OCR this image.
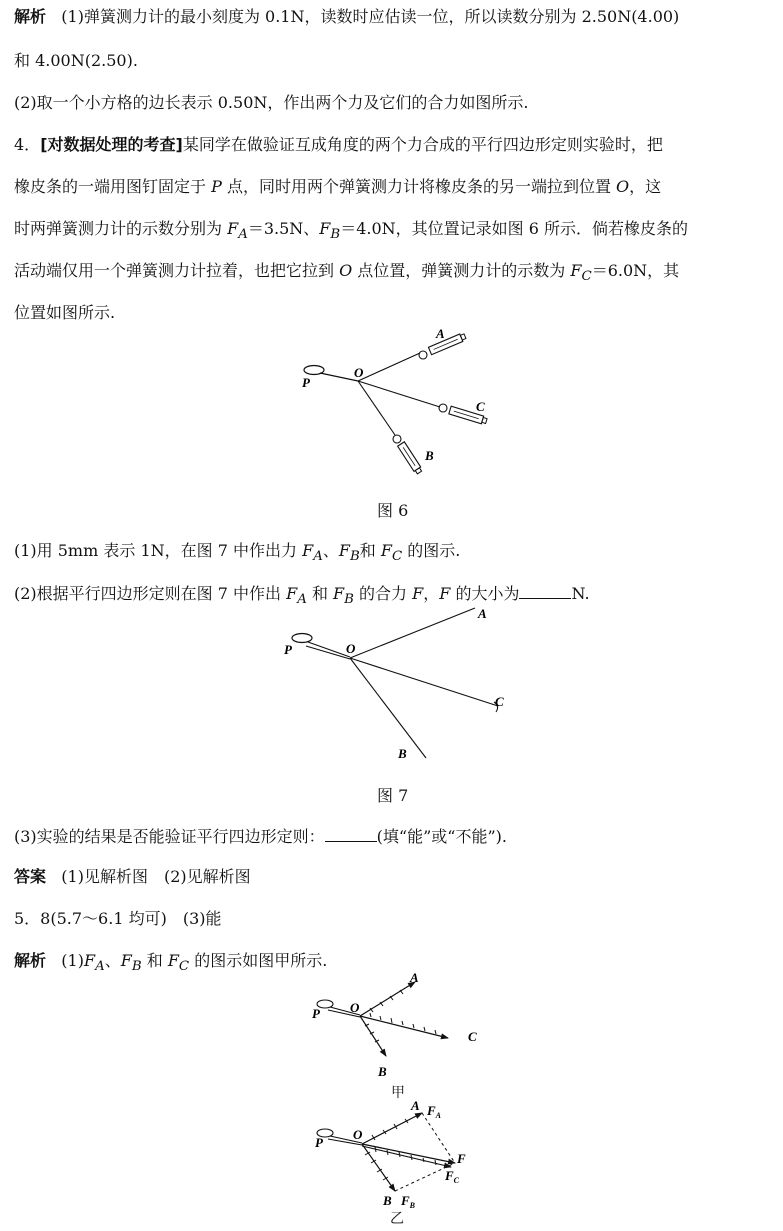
解析 (1)弹簧测力计的最小刻度为 0.1N，读数时应估读一位，所以读数分别为 2.50N(4.00)
和 4.00N(2.50).
(2)取一个小方格的边长表示 0.50N，作出两个力及它们的合力如图所示.
4．[对数据处理的考查]某同学在做验证互成角度的两个力合成的平行四边形定则实验时，把
橡皮条的一端用图钉固定于 P 点，同时用两个弹簧测力计将橡皮条的另一端拉到位置 O，这
时两弹簧测力计的示数分别为 $F_A=3.5N$、$F_B=4.0N$，其位置记录如图 6 所示．倘若橡皮条的
活动端仅用一个弹簧测力计拉着，也把它拉到 O 点位置，弹簧测力计的示数为 $F_C=6.0N$，其
位置如图所示.
P
O
A
C
B
图 6
(1)用 5mm 表示 1N，在图 7 中作出力 $F_A$、$F_B$和 $F_C$ 的图示.
(2)根据平行四边形定则在图 7 中作出 $F_A$ 和 $F_B$ 的合力 F，F 的大小为	N.
P	O
A
C
B
图 7
(3)实验的结果是否能验证平行四边形定则：	(填“能”或“不能”).
答案 (1)见解析图　(2)见解析图
5．8(5.7～6.1 均可)　(3)能
解析 $(1)F_A$、$F_B$ 和 $F_C$ 的图示如图甲所示.
P O
A
C
B
甲
P
O
A $F_A$
F
$F_C$
B $F_B$
乙
